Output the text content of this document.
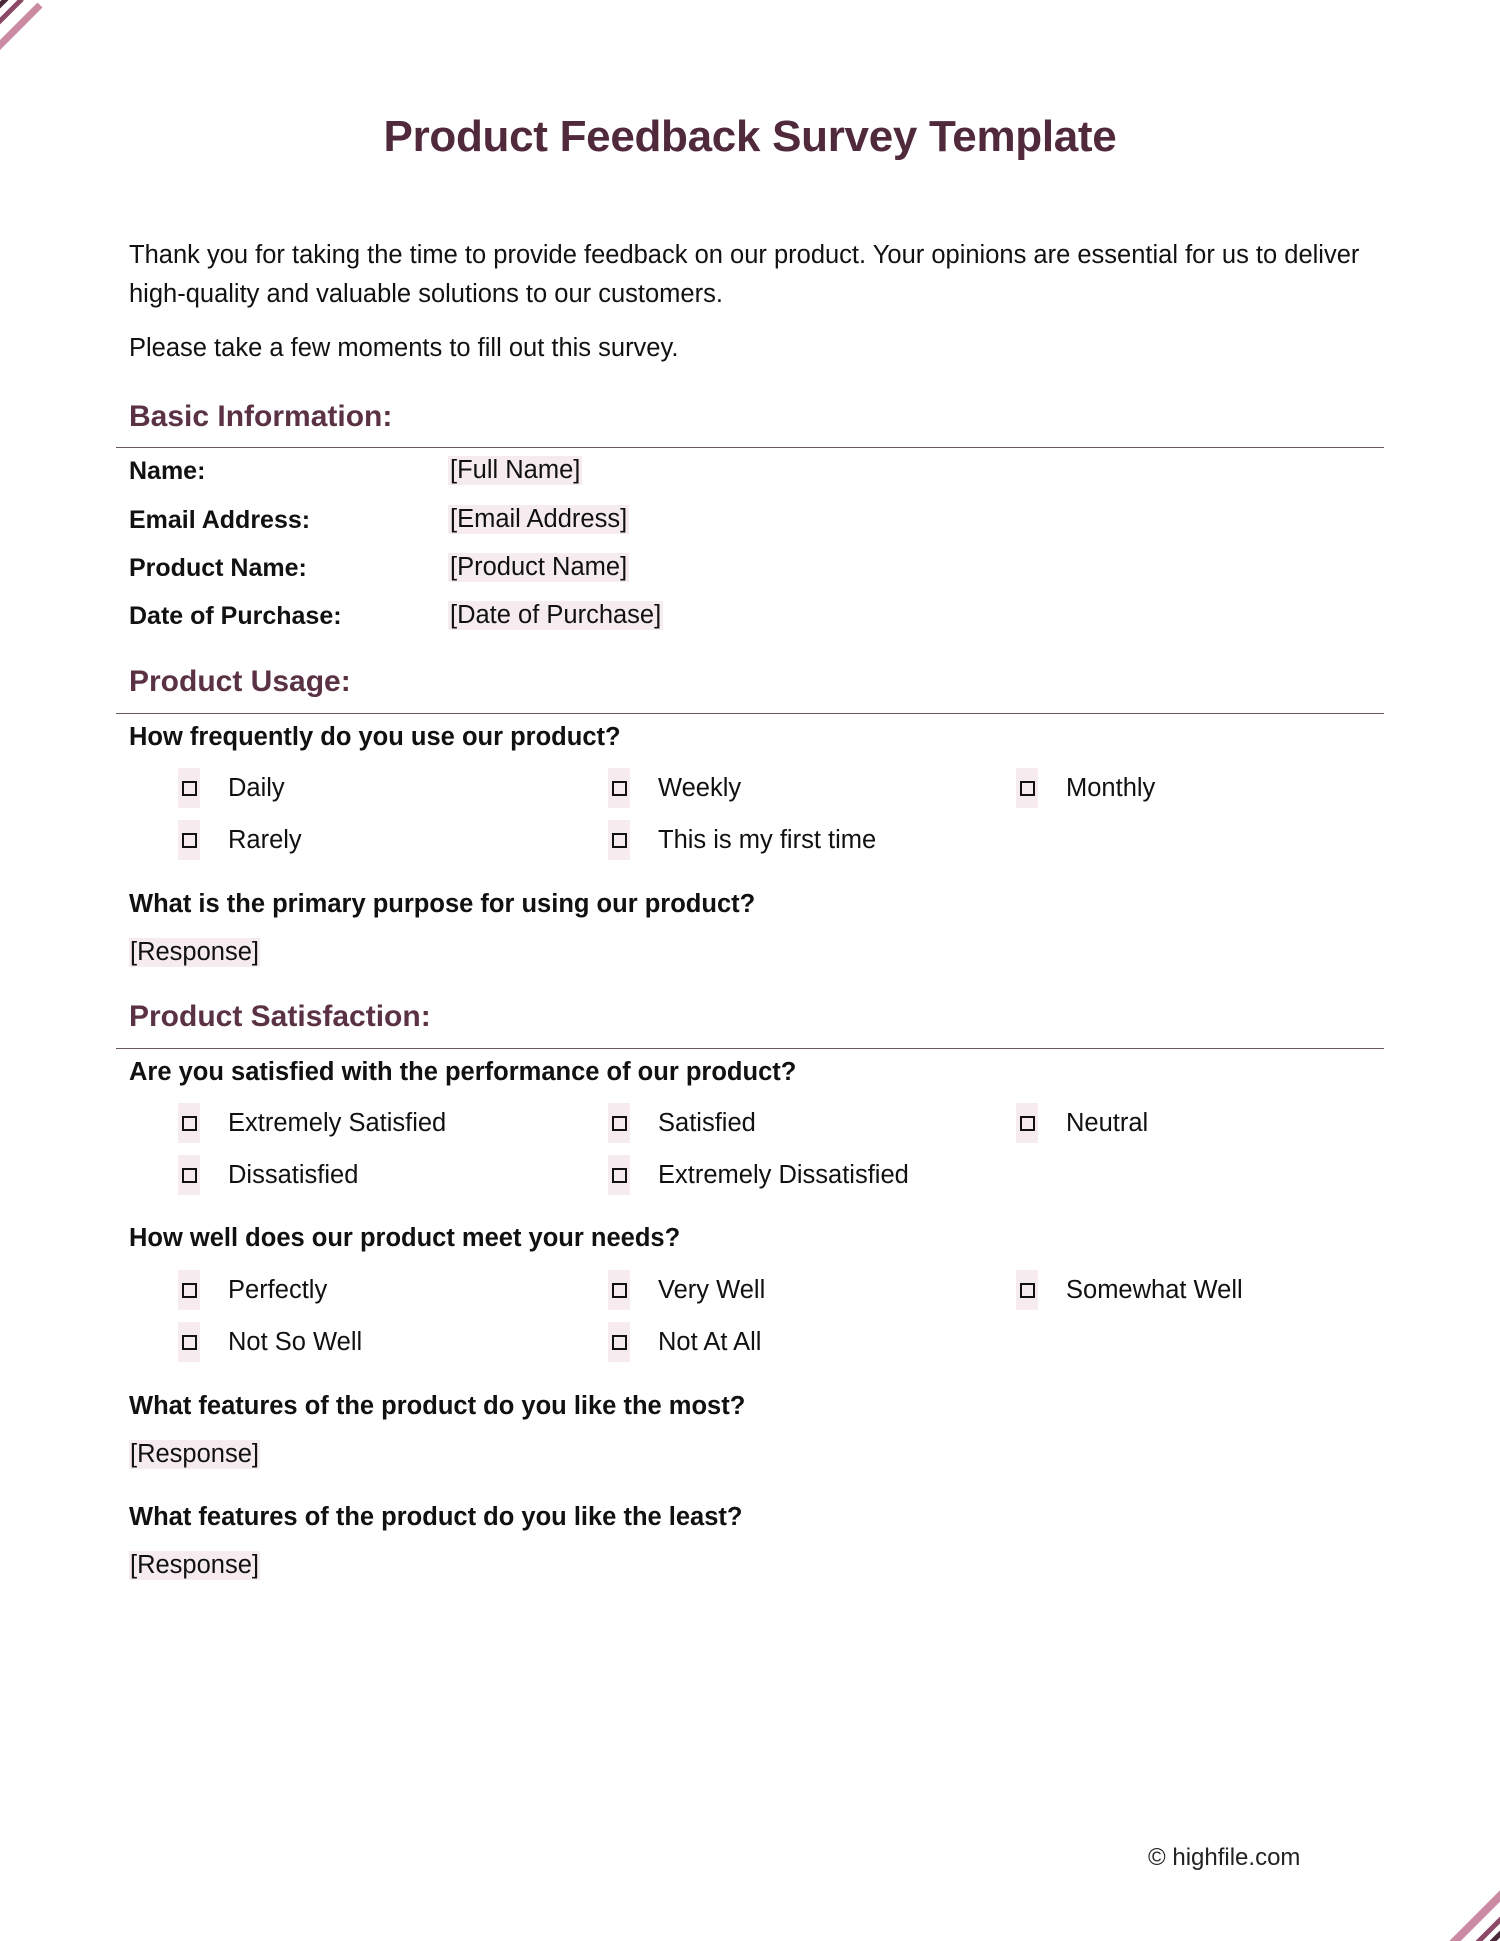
Product Feedback Survey Template
Thank you for taking the time to provide feedback on our product. Your opinions are essential for us to deliver high-quality and valuable solutions to our customers.
Please take a few moments to fill out this survey.
Basic Information:
Name:	[Full Name]
Email Address:	[Email Address]
Product Name:	[Product Name]
Date of Purchase:	[Date of Purchase]
Product Usage:
How frequently do you use our product?
Daily	Weekly	Monthly
Rarely	This is my first time
What is the primary purpose for using our product?
[Response]
Product Satisfaction:
Are you satisfied with the performance of our product?
Extremely Satisfied	Satisfied	Neutral
Dissatisfied	Extremely Dissatisfied
How well does our product meet your needs?
Perfectly	Very Well	Somewhat Well
Not So Well	Not At All
What features of the product do you like the most?
[Response]
What features of the product do you like the least?
[Response]
© highfile.com
